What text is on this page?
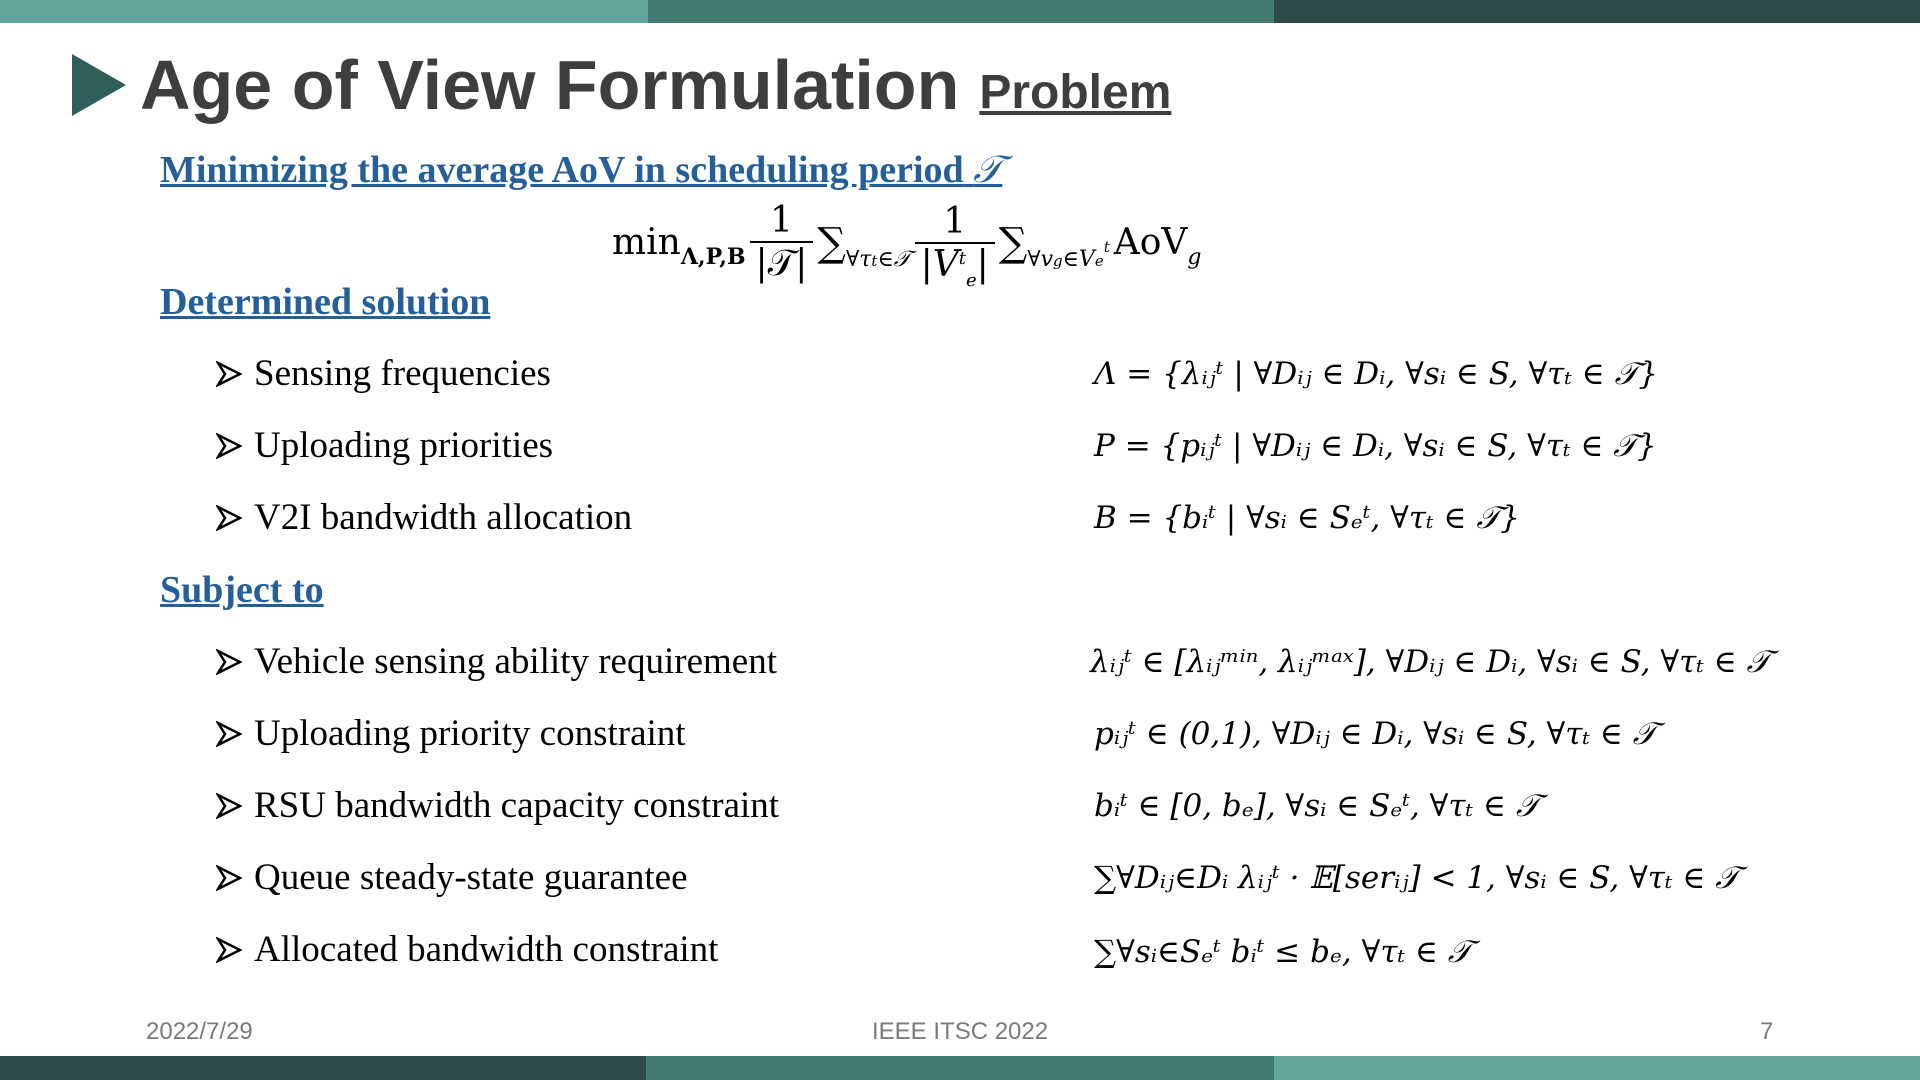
Age of View Formulation Problem
Minimizing the average AoV in scheduling period 𝒯
$\min_{\Lambda,P,B} \frac{1}{\text{|𝒯|}} \sum_{\forall\tau t\in 𝒯} \frac{1}{|V^t_e|} \sum_{\forall vg\in Ve^t}$ AoV$_g$
Determined solution
Sensing frequencies	Λ = {λᵢⱼᵗ | ∀Dᵢⱼ ∈ Dᵢ, ∀sᵢ ∈ S, ∀τₜ ∈ 𝒯}
Uploading priorities	P = {pᵢⱼᵗ | ∀Dᵢⱼ ∈ Dᵢ, ∀sᵢ ∈ S, ∀τₜ ∈ 𝒯}
V2I bandwidth allocation	B = {bᵢᵗ | ∀sᵢ ∈ Sₑᵗ, ∀τₜ ∈ 𝒯}
Subject to
Vehicle sensing ability requirement	λᵢⱼᵗ ∈ [λᵢⱼᵐⁱⁿ, λᵢⱼᵐᵃˣ], ∀Dᵢⱼ ∈ Dᵢ, ∀sᵢ ∈ S, ∀τₜ ∈ 𝒯
Uploading priority constraint	pᵢⱼᵗ ∈ (0,1), ∀Dᵢⱼ ∈ Dᵢ, ∀sᵢ ∈ S, ∀τₜ ∈ 𝒯
RSU bandwidth capacity constraint	bᵢᵗ ∈ [0, bₑ], ∀sᵢ ∈ Sₑᵗ, ∀τₜ ∈ 𝒯
Queue steady-state guarantee	∑∀Dᵢⱼ∈Dᵢ λᵢⱼᵗ · 𝔼[serᵢⱼ] < 1, ∀sᵢ ∈ S, ∀τₜ ∈ 𝒯
Allocated bandwidth constraint	∑∀sᵢ∈Sₑᵗ bᵢᵗ ≤ bₑ, ∀τₜ ∈ 𝒯
2022/7/29	IEEE ITSC 2022	7
